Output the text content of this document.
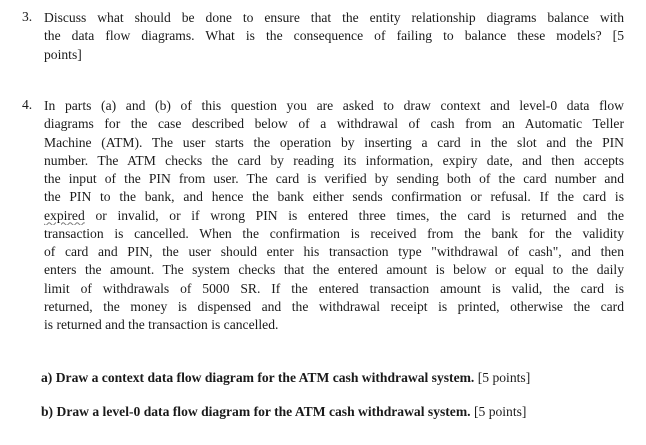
3. Discuss what should be done to ensure that the entity relationship diagrams balance with
the data flow diagrams. What is the consequence of failing to balance these models? [5
points]
4. In parts (a) and (b) of this question you are asked to draw context and level-0 data flow
diagrams for the case described below of a withdrawal of cash from an Automatic Teller
Machine (ATM). The user starts the operation by inserting a card in the slot and the PIN
number. The ATM checks the card by reading its information, expiry date, and then accepts
the input of the PIN from user. The card is verified by sending both of the card number and
the PIN to the bank, and hence the bank either sends confirmation or refusal. If the card is
expired or invalid, or if wrong PIN is entered three times, the card is returned and the
transaction is cancelled. When the confirmation is received from the bank for the validity
of card and PIN, the user should enter his transaction type "withdrawal of cash", and then
enters the amount. The system checks that the entered amount is below or equal to the daily
limit of withdrawals of 5000 SR. If the entered transaction amount is valid, the card is
returned, the money is dispensed and the withdrawal receipt is printed, otherwise the card
is returned and the transaction is cancelled.
a) Draw a context data flow diagram for the ATM cash withdrawal system. [5 points]
b) Draw a level-0 data flow diagram for the ATM cash withdrawal system. [5 points]
